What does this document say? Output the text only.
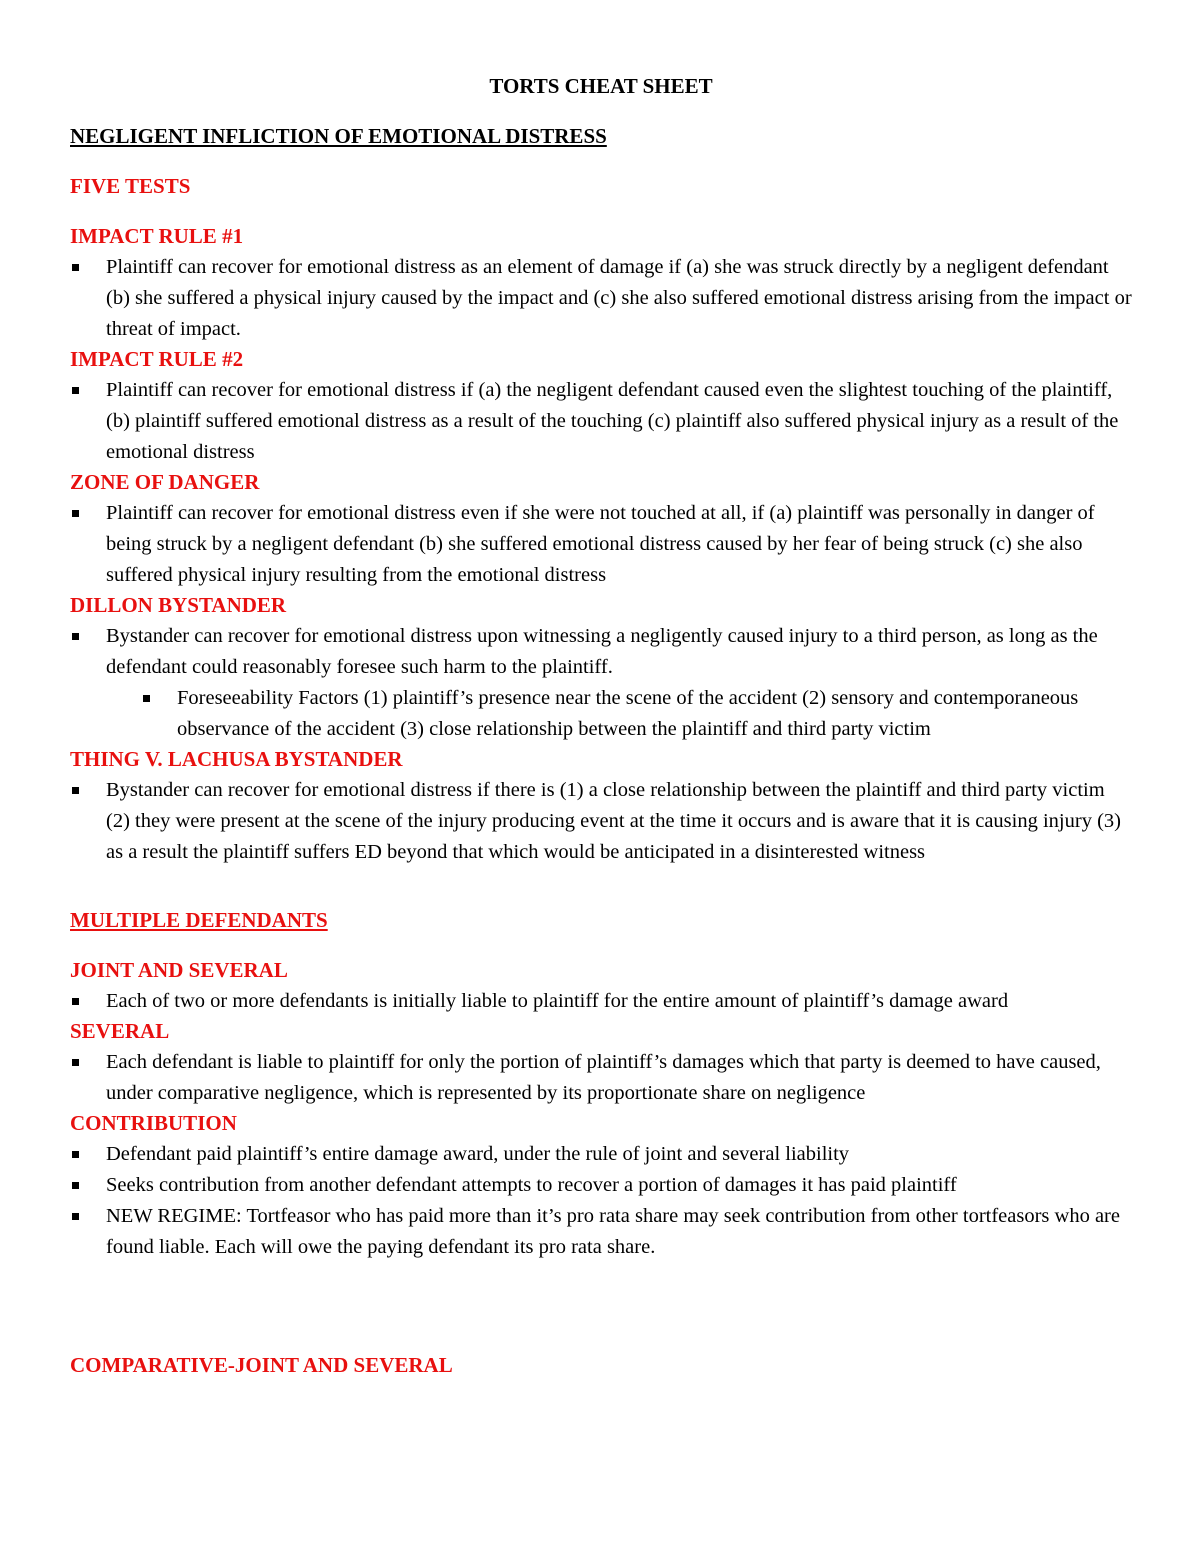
TORTS CHEAT SHEET

NEGLIGENT INFLICTION OF EMOTIONAL DISTRESS

FIVE TESTS

IMPACT RULE #1

Plaintiff can recover for emotional distress as an element of damage if (a) she was struck directly by a negligent defendant (b) she suffered a physical injury caused by the impact and (c) she also suffered emotional distress arising from the impact or threat of impact.

IMPACT RULE #2

Plaintiff can recover for emotional distress if (a) the negligent defendant caused even the slightest touching of the plaintiff, (b) plaintiff suffered emotional distress as a result of the touching (c) plaintiff also suffered physical injury as a result of the emotional distress

ZONE OF DANGER

Plaintiff can recover for emotional distress even if she were not touched at all, if (a) plaintiff was personally in danger of being struck by a negligent defendant (b) she suffered emotional distress caused by her fear of being struck (c) she also suffered physical injury resulting from the emotional distress

DILLON BYSTANDER

Bystander can recover for emotional distress upon witnessing a negligently caused injury to a third person, as long as the defendant could reasonably foresee such harm to the plaintiff.
Foreseeability Factors (1) plaintiff’s presence near the scene of the accident (2) sensory and contemporaneous observance of the accident (3) close relationship between the plaintiff and third party victim

THING V. LACHUSA BYSTANDER

Bystander can recover for emotional distress if there is (1) a close relationship between the plaintiff and third party victim (2) they were present at the scene of the injury producing event at the time it occurs and is aware that it is causing injury (3) as a result the plaintiff suffers ED beyond that which would be anticipated in a disinterested witness

MULTIPLE DEFENDANTS

JOINT AND SEVERAL

Each of two or more defendants is initially liable to plaintiff for the entire amount of plaintiff’s damage award

SEVERAL

Each defendant is liable to plaintiff for only the portion of plaintiff’s damages which that party is deemed to have caused, under comparative negligence, which is represented by its proportionate share on negligence

CONTRIBUTION

Defendant paid plaintiff’s entire damage award, under the rule of joint and several liability
Seeks contribution from another defendant attempts to recover a portion of damages it has paid plaintiff
NEW REGIME: Tortfeasor who has paid more than it’s pro rata share may seek contribution from other tortfeasors who are found liable. Each will owe the paying defendant its pro rata share.

COMPARATIVE-JOINT AND SEVERAL
